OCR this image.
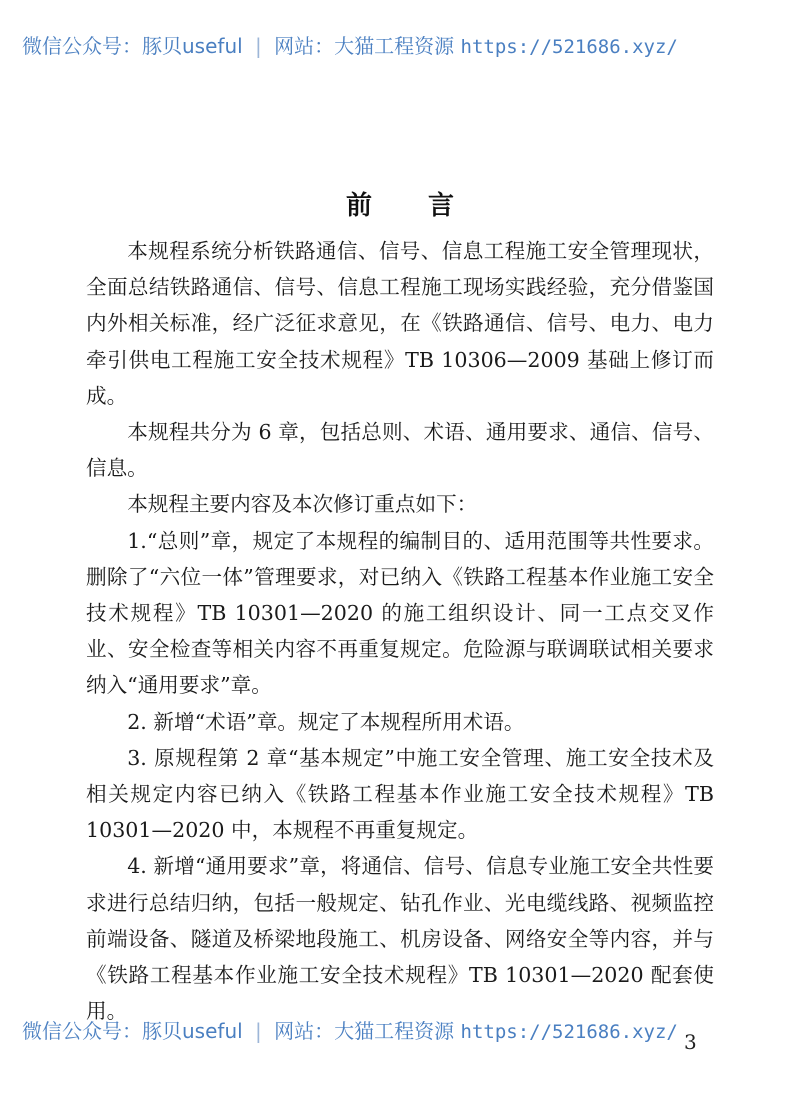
微信公众号：豚贝useful | 网站：大猫工程资源 https://521686.xyz/
前言

本规程系统分析铁路通信、信号、信息工程施工安全管理现状，全面总结铁路通信、信号、信息工程施工现场实践经验，充分借鉴国内外相关标准，经广泛征求意见，在《铁路通信、信号、电力、电力牵引供电工程施工安全技术规程》TB 10306—2009 基础上修订而成。

本规程共分为 6 章，包括总则、术语、通用要求、通信、信号、信息。

本规程主要内容及本次修订重点如下：

1.“总则”章，规定了本规程的编制目的、适用范围等共性要求。删除了“六位一体”管理要求，对已纳入《铁路工程基本作业施工安全技术规程》TB 10301—2020 的施工组织设计、同一工点交叉作业、安全检查等相关内容不再重复规定。危险源与联调联试相关要求纳入“通用要求”章。

2. 新增“术语”章。规定了本规程所用术语。

3. 原规程第 2 章“基本规定”中施工安全管理、施工安全技术及相关规定内容已纳入《铁路工程基本作业施工安全技术规程》TB 10301—2020 中，本规程不再重复规定。

4. 新增“通用要求”章，将通信、信号、信息专业施工安全共性要求进行总结归纳，包括一般规定、钻孔作业、光电缆线路、视频监控前端设备、隧道及桥梁地段施工、机房设备、网络安全等内容，并与《铁路工程基本作业施工安全技术规程》TB 10301—2020 配套使用。

3
微信公众号：豚贝useful | 网站：大猫工程资源 https://521686.xyz/
